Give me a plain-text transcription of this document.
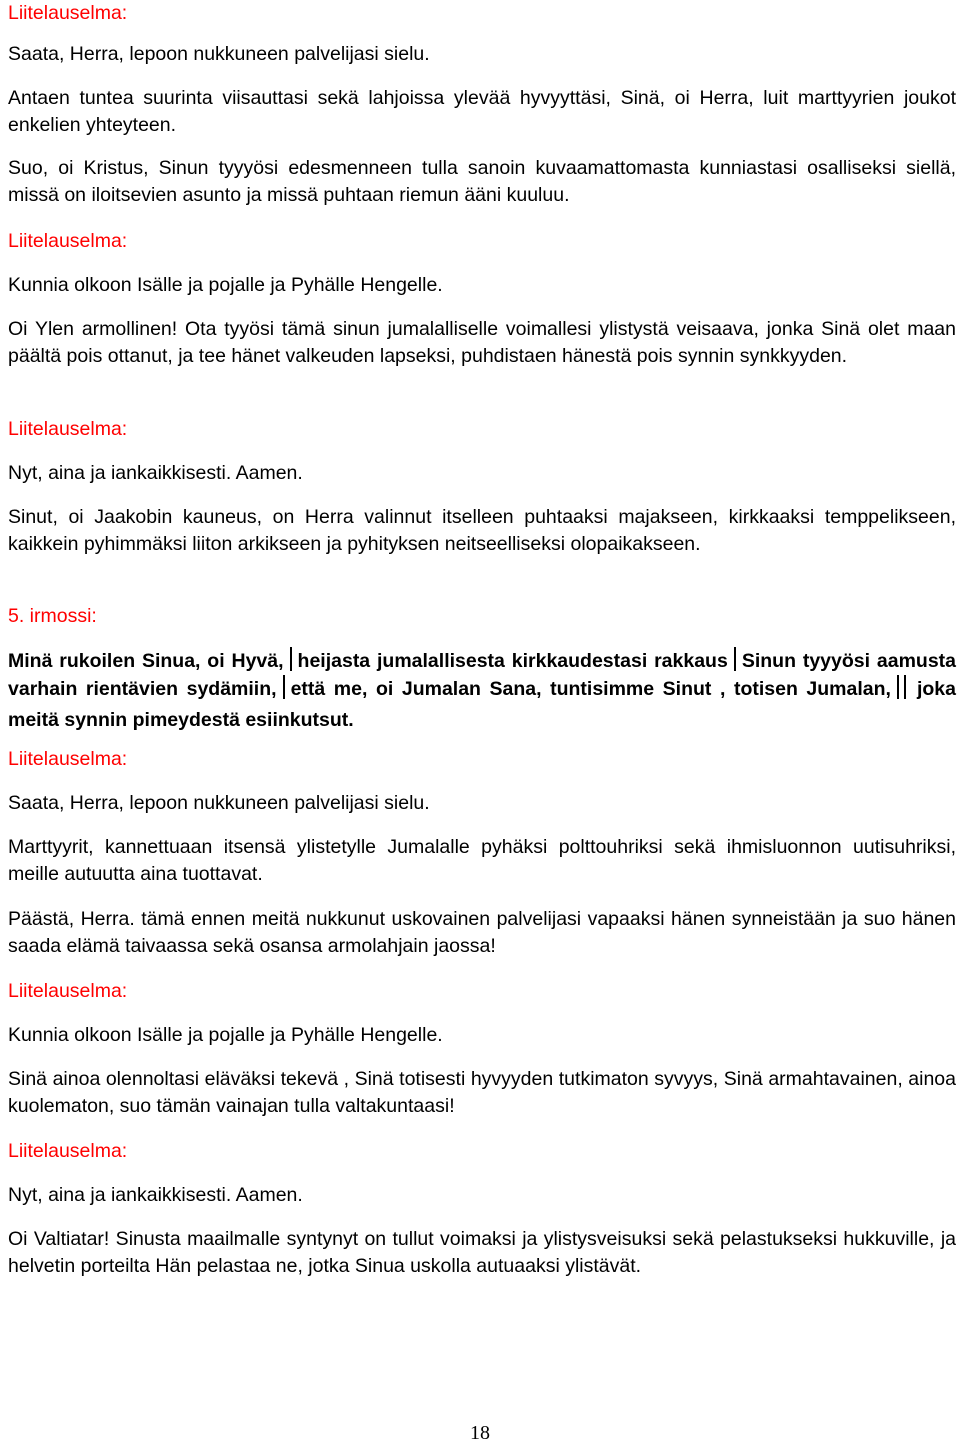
Liitelauselma:
Saata, Herra, lepoon nukkuneen palvelijasi sielu.
Antaen tuntea suurinta viisauttasi sekä lahjoissa ylevää hyvyyttäsi, Sinä, oi Herra, luit marttyyrien joukot enkelien yhteyteen.
Suo, oi Kristus, Sinun tyyyösi edesmenneen tulla sanoin kuvaamattomasta kunniastasi osalliseksi siellä, missä on iloitsevien asunto ja missä puhtaan riemun ääni kuuluu.
Liitelauselma:
Kunnia olkoon Isälle ja pojalle ja Pyhälle Hengelle.
Oi Ylen armollinen! Ota tyyösi tämä sinun jumalalliselle voimallesi ylistystä veisaava, jonka Sinä olet maan päältä pois ottanut, ja tee hänet valkeuden lapseksi, puhdistaen hänestä pois synnin synkkyyden.
Liitelauselma:
Nyt, aina ja iankaikkisesti. Aamen.
Sinut, oi Jaakobin kauneus, on Herra valinnut itselleen puhtaaksi majakseen, kirkkaaksi temppelikseen, kaikkein pyhimmäksi liiton arkikseen ja pyhityksen neitseelliseksi olopaikakseen.
5. irmossi:
Minä rukoilen Sinua, oi Hyvä, heijasta jumalallisesta kirkkaudestasi rakkaus Sinun tyyyösi aamusta varhain rientävien sydämiin, että me, oi Jumalan Sana, tuntisimme Sinut , totisen Jumalan, joka meitä synnin pimeydestä esiinkutsut.
Liitelauselma:
Saata, Herra, lepoon nukkuneen palvelijasi sielu.
Marttyyrit, kannettuaan itsensä ylistetylle Jumalalle pyhäksi polttouhriksi sekä ihmisluonnon uutisuhriksi, meille autuutta aina tuottavat.
Päästä, Herra. tämä ennen meitä nukkunut uskovainen palvelijasi vapaaksi hänen synneistään ja suo hänen saada elämä taivaassa sekä osansa armolahjain jaossa!
Liitelauselma:
Kunnia olkoon Isälle ja pojalle ja Pyhälle Hengelle.
Sinä ainoa olennoltasi eläväksi tekevä , Sinä totisesti hyvyyden tutkimaton syvyys, Sinä armahtavainen, ainoa kuolematon, suo tämän vainajan tulla valtakuntaasi!
Liitelauselma:
Nyt, aina ja iankaikkisesti. Aamen.
Oi Valtiatar! Sinusta maailmalle syntynyt on tullut voimaksi ja ylistysveisuksi sekä pelastukseksi hukkuville, ja helvetin porteilta Hän pelastaa ne, jotka Sinua uskolla autuaaksi ylistävät.
18
